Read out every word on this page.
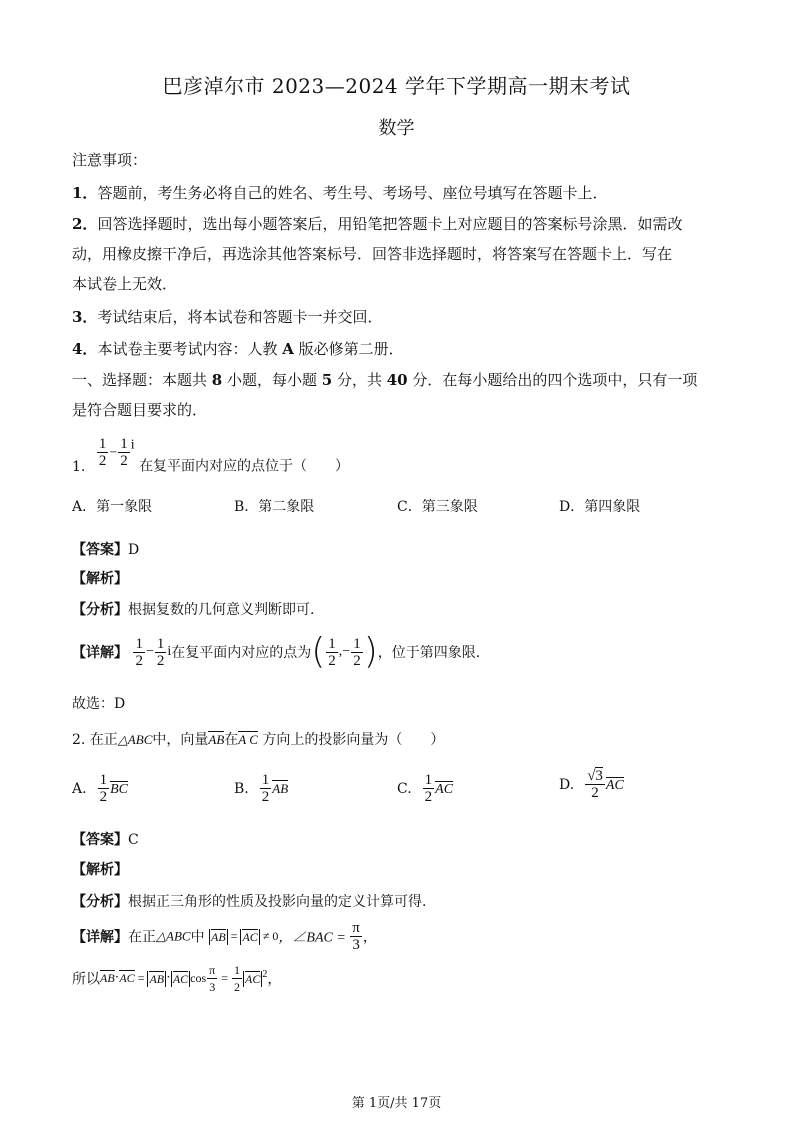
巴彦淖尔市 2023—2024 学年下学期高一期末考试
数学
注意事项：
1．答题前，考生务必将自己的姓名、考生号、考场号、座位号填写在答题卡上．
2．回答选择题时，选出每小题答案后，用铅笔把答题卡上对应题目的答案标号涂黑．如需改
动，用橡皮擦干净后，再选涂其他答案标号．回答非选择题时，将答案写在答题卡上．写在
本试卷上无效．
3．考试结束后，将本试卷和答题卡一并交回．
4．本试卷主要考试内容：人教 A 版必修第二册．
一、选择题：本题共 8 小题，每小题 5 分，共 40 分．在每小题给出的四个选项中，只有一项
是符合题目要求的．
1. $\frac{1}{2} - \frac{1}{2}$ i 在复平面内对应的点位于（　　）
A．第一象限	B．第二象限	C．第三象限	D．第四象限
【答案】D
【解析】
【分析】根据复数的几何意义判断即可.
【详解】 $\frac{1}{2} - \frac{1}{2}$ i在复平面内对应的点为( $\frac{1}{2}$ ,− $\frac{1}{2}$ )，位于第四象限.
故选：D
2. 在正△ABC中，向量AB在A C 方向上的投影向量为（　　）
A. $\frac{1}{2}$ BC	B. $\frac{1}{2}$ AB	C. $\frac{1}{2}$ AC	D. $\frac{√3}{2}$ AC
【答案】C
【解析】
【分析】根据正三角形的性质及投影向量的定义计算可得.
【详解】在正△ABC中 AB = AC ≠ 0，∠BAC = $\frac{\pi}{3}$ ，
所以AB·AC = AB · AC $\cos \frac{\pi}{3} = \frac{1}{2}$ AC $^2$，
第 1页/共 17页
